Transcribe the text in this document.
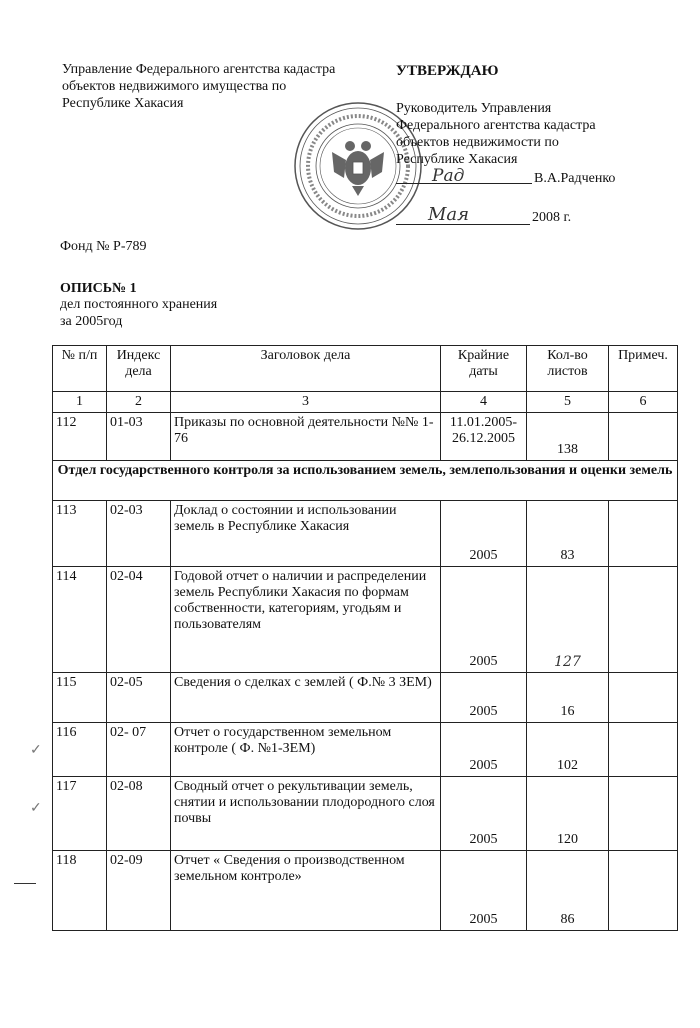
Управление Федерального агентства кадастра
объектов недвижимого имущества по
Республике Хакасия
УТВЕРЖДАЮ
Руководитель Управления
Федерального агентства кадастра
объектов недвижимости по
Республике Хакасия
Рад	В.А.Радченко
Мая	2008 г.
Фонд № Р-789
ОПИСЬ№ 1
дел постоянного хранения
за 2005год
№ п/п	Индекс дела	Заголовок дела	Крайние даты	Кол-во листов	Примеч.
1	2	3	4	5	6
112	01-03	Приказы по основной деятельности №№ 1-76	11.01.2005-26.12.2005	138	
Отдел государственного контроля за использованием земель, землепользования и оценки земель					
113	02-03	Доклад о состоянии и использовании земель в Республике Хакасия	2005	83	
114	02-04	Годовой отчет о наличии и распределении земель Республики Хакасия по формам собственности, категориям, угодьям и пользователям	2005	127	
115	02-05	Сведения о сделках с землей ( Ф.№ 3 ЗЕМ)	2005	16	
116	02- 07	Отчет о государственном земельном контроле ( Ф. №1-ЗЕМ)	2005	102	
117	02-08	Сводный отчет о рекультивации земель, снятии и использовании плодородного слоя почвы	2005	120	
118	02-09	Отчет « Сведения о производственном земельном контроле»	2005	86	
✓
✓
